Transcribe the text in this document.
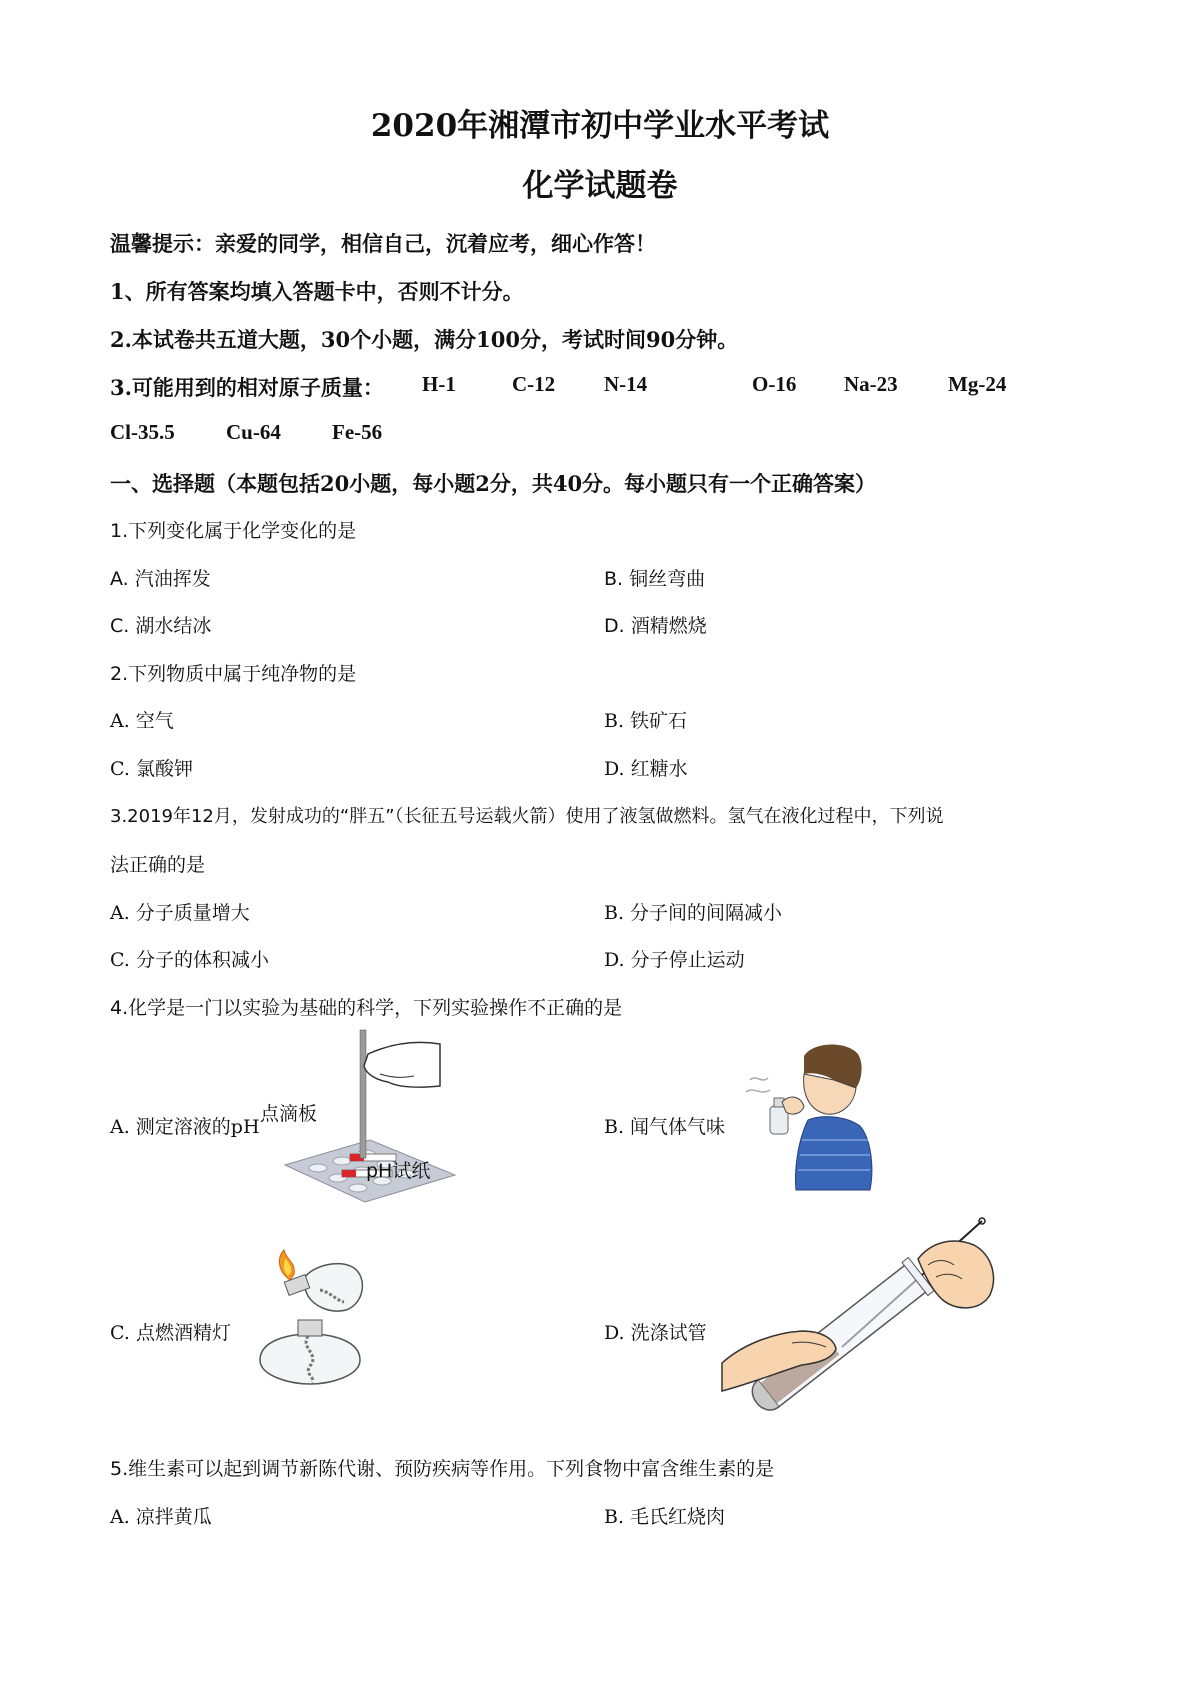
2020年湘潭市初中学业水平考试
化学试题卷
温馨提示：亲爱的同学，相信自己，沉着应考，细心作答！
1、所有答案均填入答题卡中，否则不计分。
2.本试卷共五道大题，30个小题，满分100分，考试时间90分钟。
3.可能用到的相对原子质量： H-1	C-12 N-14	O-16 Na-23 Mg-24
Cl-35.5 Cu-64 Fe-56
一、选择题（本题包括20小题，每小题2分，共40分。每小题只有一个正确答案）
1.下列变化属于化学变化的是
A. 汽油挥发	B. 铜丝弯曲
C. 湖水结冰	D. 酒精燃烧
2.下列物质中属于纯净物的是
A. 空气	B. 铁矿石
C. 氯酸钾	D. 红糖水
3.2019年12月，发射成功的“胖五”（长征五号运载火箭）使用了液氢做燃料。氢气在液化过程中，下列说
法正确的是
A. 分子质量增大	B. 分子间的间隔减小
C. 分子的体积减小	D. 分子停止运动
4.化学是一门以实验为基础的科学，下列实验操作不正确的是
A. 测定溶液的pH
点滴板
pH试纸
B. 闻气体气味
C. 点燃酒精灯	D. 洗涤试管
5.维生素可以起到调节新陈代谢、预防疾病等作用。下列食物中富含维生素的是
A. 凉拌黄瓜	B. 毛氏红烧肉
